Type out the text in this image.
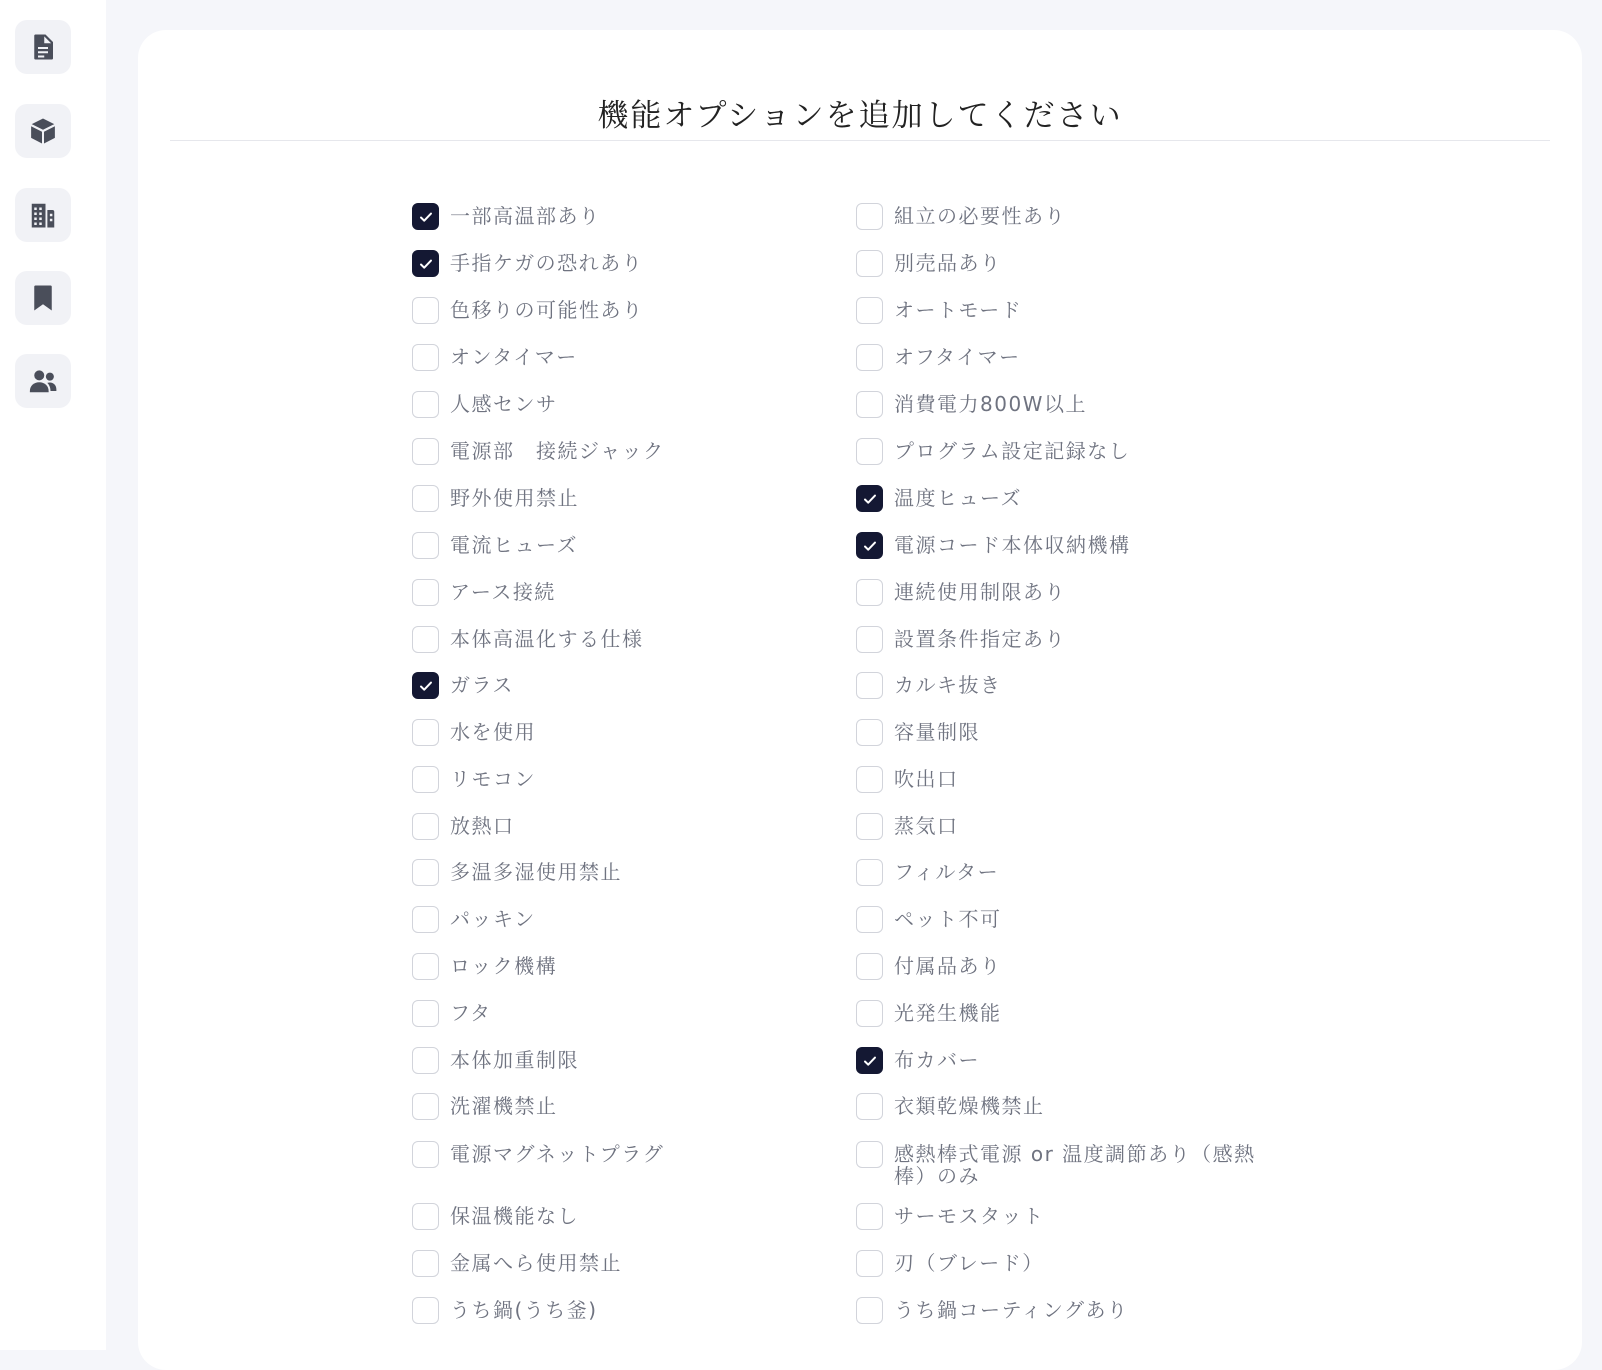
機能オプションを追加してください
一部高温部あり
手指ケガの恐れあり
色移りの可能性あり
オンタイマー
人感センサ
電源部　接続ジャック
野外使用禁止
電流ヒューズ
アース接続
本体高温化する仕様
ガラス
水を使用
リモコン
放熱口
多温多湿使用禁止
パッキン
ロック機構
フタ
本体加重制限
洗濯機禁止
電源マグネットプラグ
保温機能なし
金属へら使用禁止
うち鍋(うち釜)
組立の必要性あり
別売品あり
オートモード
オフタイマー
消費電力800W以上
プログラム設定記録なし
温度ヒューズ
電源コード本体収納機構
連続使用制限あり
設置条件指定あり
カルキ抜き
容量制限
吹出口
蒸気口
フィルター
ペット不可
付属品あり
光発生機能
布カバー
衣類乾燥機禁止
感熱棒式電源 or 温度調節あり（感熱棒）のみ
サーモスタット
刃（ブレード）
うち鍋コーティングあり
